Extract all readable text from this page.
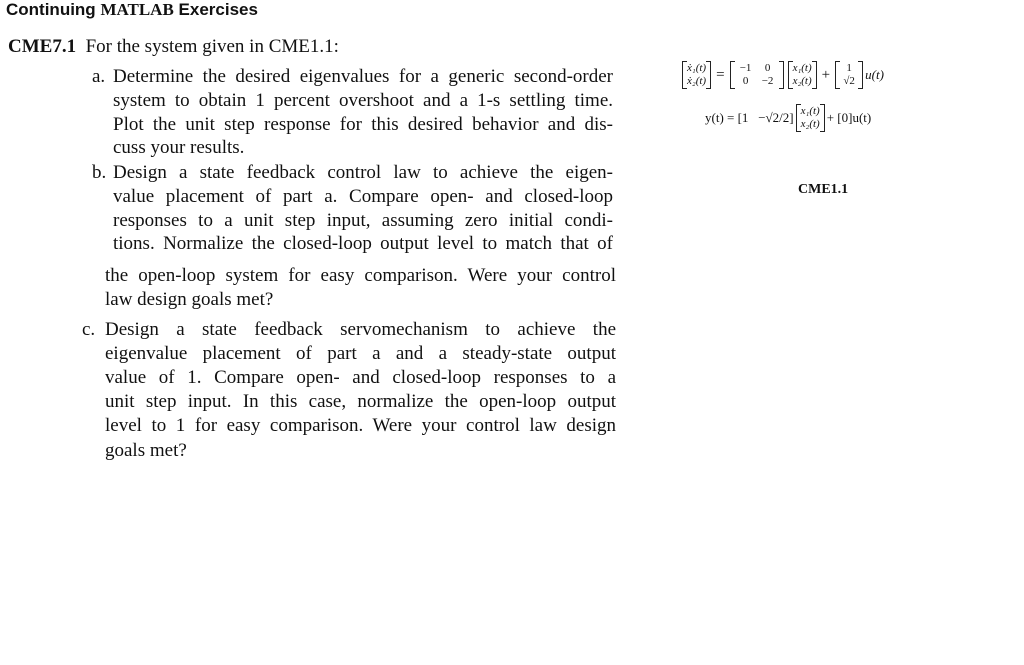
Continuing MATLAB Exercises
CME7.1 For the system given in CME1.1:
a. Determine the desired eigenvalues for a generic second-order
system to obtain 1 percent overshoot and a 1-s settling time.
Plot the unit step response for this desired behavior and dis-
cuss your results.
b. Design a state feedback control law to achieve the eigen-
value placement of part a. Compare open- and closed-loop
responses to a unit step input, assuming zero initial condi-
tions. Normalize the closed-loop output level to match that of
the open-loop system for easy comparison. Were your control
law design goals met?
c. Design a state feedback servomechanism to achieve the
eigenvalue placement of part a and a steady-state output
value of 1. Compare open- and closed-loop responses to a
unit step input. In this case, normalize the open-loop output
level to 1 for easy comparison. Were your control law design
goals met?
ẋ₁(t)
ẋ₂(t) =	−1	0
0	−2
x₁(t)
x₂(t) +	1
√2 u(t)
y(t) = [1
−√2/2] x₁(t)
x₂(t) + [0]u(t)
CME1.1
